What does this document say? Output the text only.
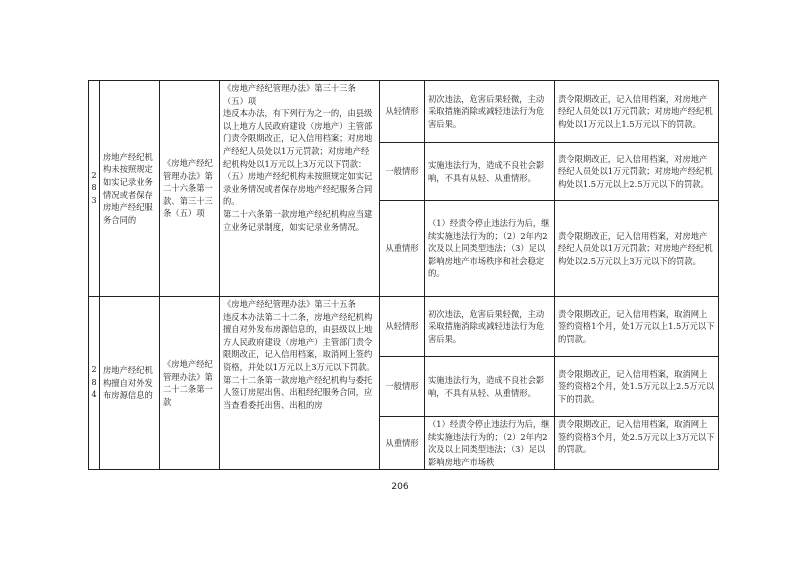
283	房地产经纪机构未按照规定如实记录业务情况或者保存房地产经纪服务合同的	《房地产经纪管理办法》第二十六条第一款、第三十三条（五）项	《房地产经纪管理办法》第三十三条（五）项
违反本办法，有下列行为之一的，由县级以上地方人民政府建设（房地产）主管部门责令限期改正，记入信用档案；对房地产经纪人员处以1万元罚款；对房地产经纪机构处以1万元以上3万元以下罚款：
（五）房地产经纪机构未按照规定如实记录业务情况或者保存房地产经纪服务合同的。
第二十六条第一款房地产经纪机构应当建立业务记录制度，如实记录业务情况。	从轻情形	初次违法，危害后果轻微，主动采取措施消除或减轻违法行为危害后果。	责令限期改正，记入信用档案，对房地产经纪人员处以1万元罚款；对房地产经纪机构处以1万元以上1.5万元以下的罚款。
				一般情形	实施违法行为，造成不良社会影响，不具有从轻、从重情形。	责令限期改正，记入信用档案，对房地产经纪人员处以1万元罚款；对房地产经纪机构处以1.5万元以上2.5万元以下的罚款。
				从重情形	（1）经责令停止违法行为后，继续实施违法行为的；（2）2年内2次及以上同类型违法；（3）足以影响房地产市场秩序和社会稳定的。	责令限期改正，记入信用档案，对房地产经纪人员处以1万元罚款；对房地产经纪机构处以2.5万元以上3万元以下的罚款。
284	房地产经纪机构擅自对外发布房源信息的	《房地产经纪管理办法》第二十二条第一款	《房地产经纪管理办法》第三十五条
违反本办法第二十二条，房地产经纪机构擅自对外发布房源信息的，由县级以上地方人民政府建设（房地产）主管部门责令限期改正，记入信用档案，取消网上签约资格，并处以1万元以上3万元以下罚款。
第二十二条第一款房地产经纪机构与委托人签订房屋出售、出租经纪服务合同，应当查看委托出售、出租的房	从轻情形	初次违法，危害后果轻微，主动采取措施消除或减轻违法行为危害后果。	责令限期改正，记入信用档案，取消网上签约资格1个月，处1万元以上1.5万元以下的罚款。
				一般情形	实施违法行为，造成不良社会影响，不具有从轻、从重情形。	责令限期改正，记入信用档案，取消网上签约资格2个月，处1.5万元以上2.5万元以下的罚款。
				从重情形	（1）经责令停止违法行为后，继续实施违法行为的；（2）2年内2次及以上同类型违法；（3）足以影响房地产市场秩	责令限期改正，记入信用档案，取消网上签约资格3个月，处2.5万元以上3万元以下的罚款。
206
